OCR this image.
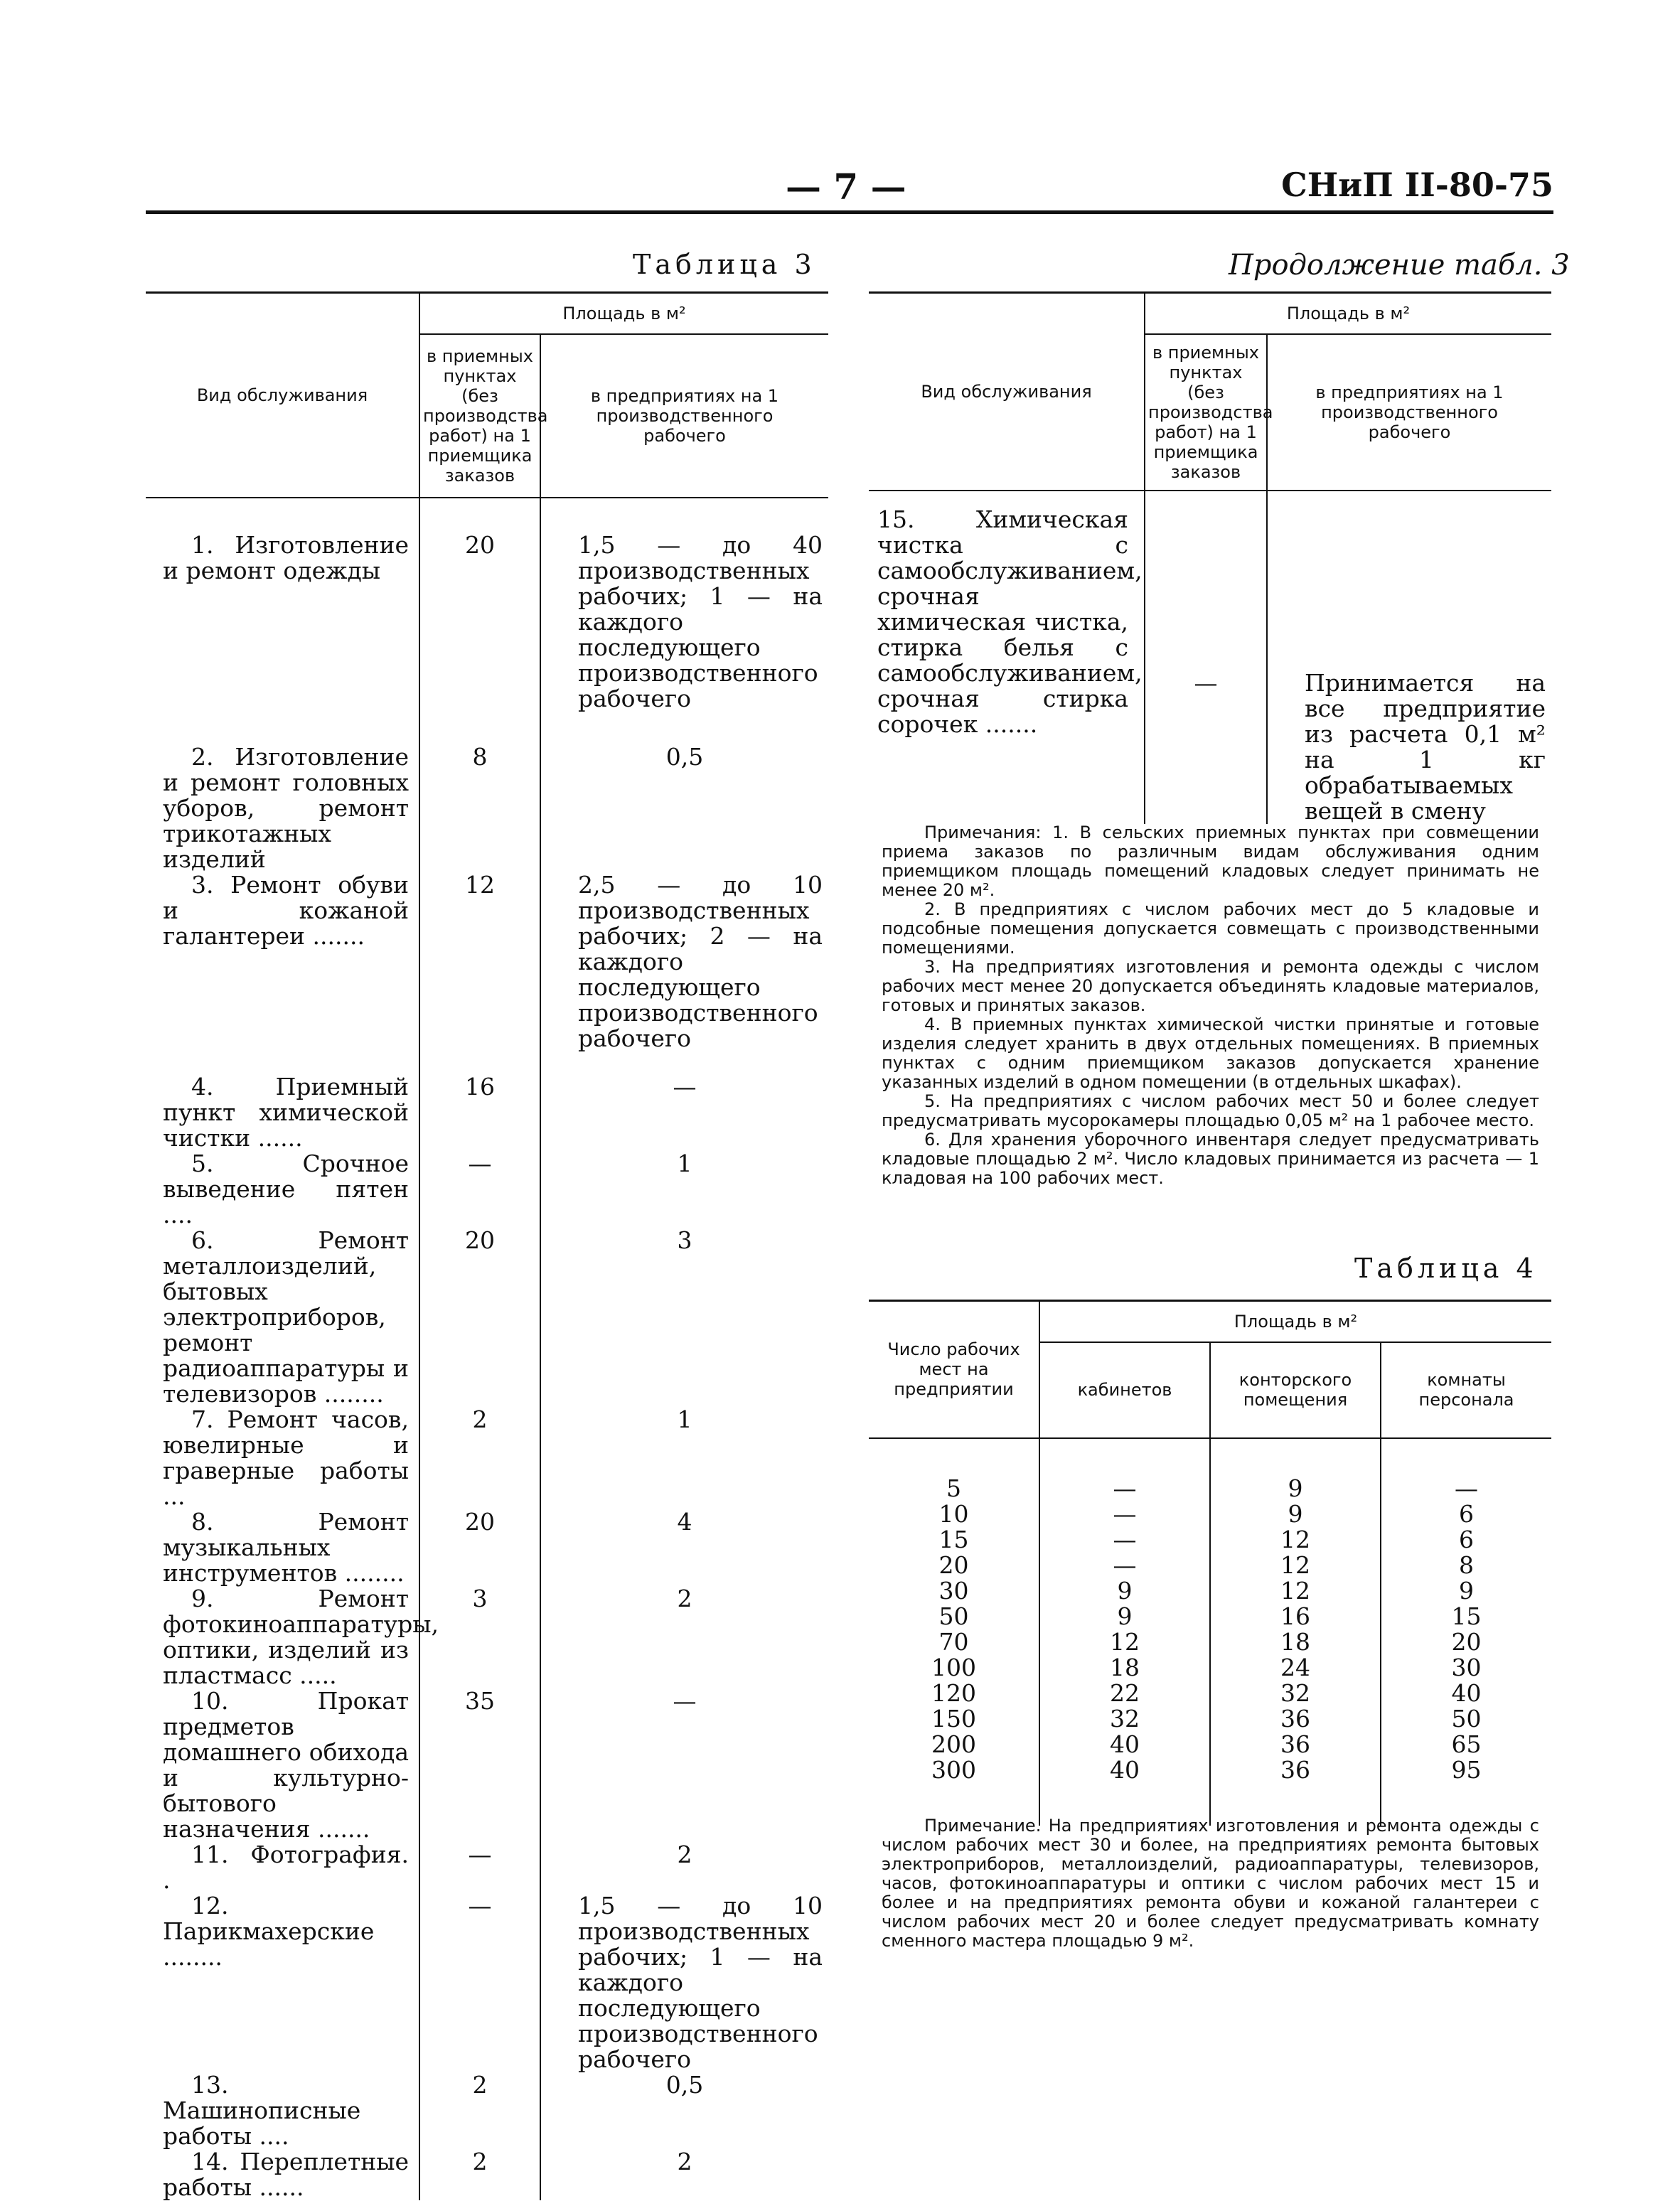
— 7 —	СНиП II-80-75
Таблица 3
Вид обслуживания	Площадь в м²	
	в приемных пунктах (без производства работ) на 1 приемщика заказов	в предприятиях на 1 производственного рабочего
1. Изготовление и ремонт одежды	20	1,5 — до 40 производственных рабочих; 1 — на каждого последующего производственного рабочего
2. Изготовление и ремонт головных уборов, ремонт трикотажных изделий	8	0,5
3. Ремонт обуви и кожаной галантереи .......	12	2,5 — до 10 производственных рабочих; 2 — на каждого последующего производственного рабочего
4. Приемный пункт химической чистки ......	16	—
5. Срочное выведение пятен ....	—	1
6. Ремонт металлоизделий, бытовых электроприборов, ремонт радиоаппаратуры и телевизоров ........	20	3
7. Ремонт часов, ювелирные и граверные работы ...	2	1
8. Ремонт музыкальных инструментов ........	20	4
9. Ремонт фотокиноаппаратуры, оптики, изделий из пластмасс .....	3	2
10. Прокат предметов домашнего обихода и культурно-бытового назначения .......	35	—
11. Фотография. .	—	2
12. Парикмахерские ........	—	1,5 — до 10 производственных рабочих; 1 — на каждого последующего производственного рабочего
13. Машинописные работы ....	2	0,5
14. Переплетные работы ......	2	2
Продолжение табл. 3
Вид обслуживания	Площадь в м²	
	в приемных пунктах (без производства работ) на 1 приемщика заказов	в предприятиях на 1 производственного рабочего
15. Химическая чистка с самообслуживанием, срочная химическая чистка, стирка белья с самообслуживанием, срочная стирка сорочек .......	—	Принимается на все предприятие из расчета 0,1 м² на 1 кг обрабатываемых вещей в смену
Примечания: 1. В сельских приемных пунктах при совмещении приема заказов по различным видам обслуживания одним приемщиком площадь помещений кладовых следует принимать не менее 20 м².
2. В предприятиях с числом рабочих мест до 5 кладовые и подсобные помещения допускается совмещать с производственными помещениями.
3. На предприятиях изготовления и ремонта одежды с числом рабочих мест менее 20 допускается объединять кладовые материалов, готовых и принятых заказов.
4. В приемных пунктах химической чистки принятые и готовые изделия следует хранить в двух отдельных помещениях. В приемных пунктах с одним приемщиком заказов допускается хранение указанных изделий в одном помещении (в отдельных шкафах).
5. На предприятиях с числом рабочих мест 50 и более следует предусматривать мусорокамеры площадью 0,05 м² на 1 рабочее место.
6. Для хранения уборочного инвентаря следует предусматривать кладовые площадью 2 м². Число кладовых принимается из расчета — 1 кладовая на 100 рабочих мест.
Таблица 4
Число рабочих мест на предприятии	Площадь в м²		
	кабинетов	конторского помещения	комнаты персонала
5	—	9	—
10	—	9	6
15	—	12	6
20	—	12	8
30	9	12	9
50	9	16	15
70	12	18	20
100	18	24	30
120	22	32	40
150	32	36	50
200	40	36	65
300	40	36	95
Примечание. На предприятиях изготовления и ремонта одежды с числом рабочих мест 30 и более, на предприятиях ремонта бытовых электроприборов, металлоизделий, радиоаппаратуры, телевизоров, часов, фотокиноаппаратуры и оптики с числом рабочих мест 15 и более и на предприятиях ремонта обуви и кожаной галантереи с числом рабочих мест 20 и более следует предусматривать комнату сменного мастера площадью 9 м².
